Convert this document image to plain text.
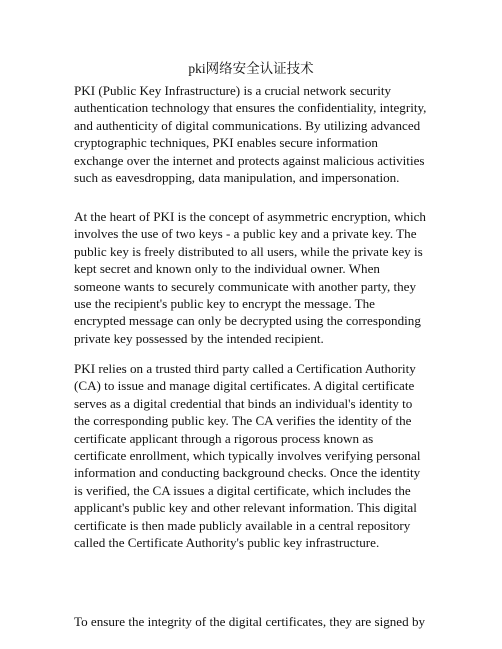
pki网络安全认证技术
PKI (Public Key Infrastructure) is a crucial network security
authentication technology that ensures the confidentiality, integrity,
and authenticity of digital communications. By utilizing advanced
cryptographic techniques, PKI enables secure information
exchange over the internet and protects against malicious activities
such as eavesdropping, data manipulation, and impersonation.
At the heart of PKI is the concept of asymmetric encryption, which
involves the use of two keys - a public key and a private key. The
public key is freely distributed to all users, while the private key is
kept secret and known only to the individual owner. When
someone wants to securely communicate with another party, they
use the recipient's public key to encrypt the message. The
encrypted message can only be decrypted using the corresponding
private key possessed by the intended recipient.
PKI relies on a trusted third party called a Certification Authority
(CA) to issue and manage digital certificates. A digital certificate
serves as a digital credential that binds an individual's identity to
the corresponding public key. The CA verifies the identity of the
certificate applicant through a rigorous process known as
certificate enrollment, which typically involves verifying personal
information and conducting background checks. Once the identity
is verified, the CA issues a digital certificate, which includes the
applicant's public key and other relevant information. This digital
certificate is then made publicly available in a central repository
called the Certificate Authority's public key infrastructure.
To ensure the integrity of the digital certificates, they are signed by
